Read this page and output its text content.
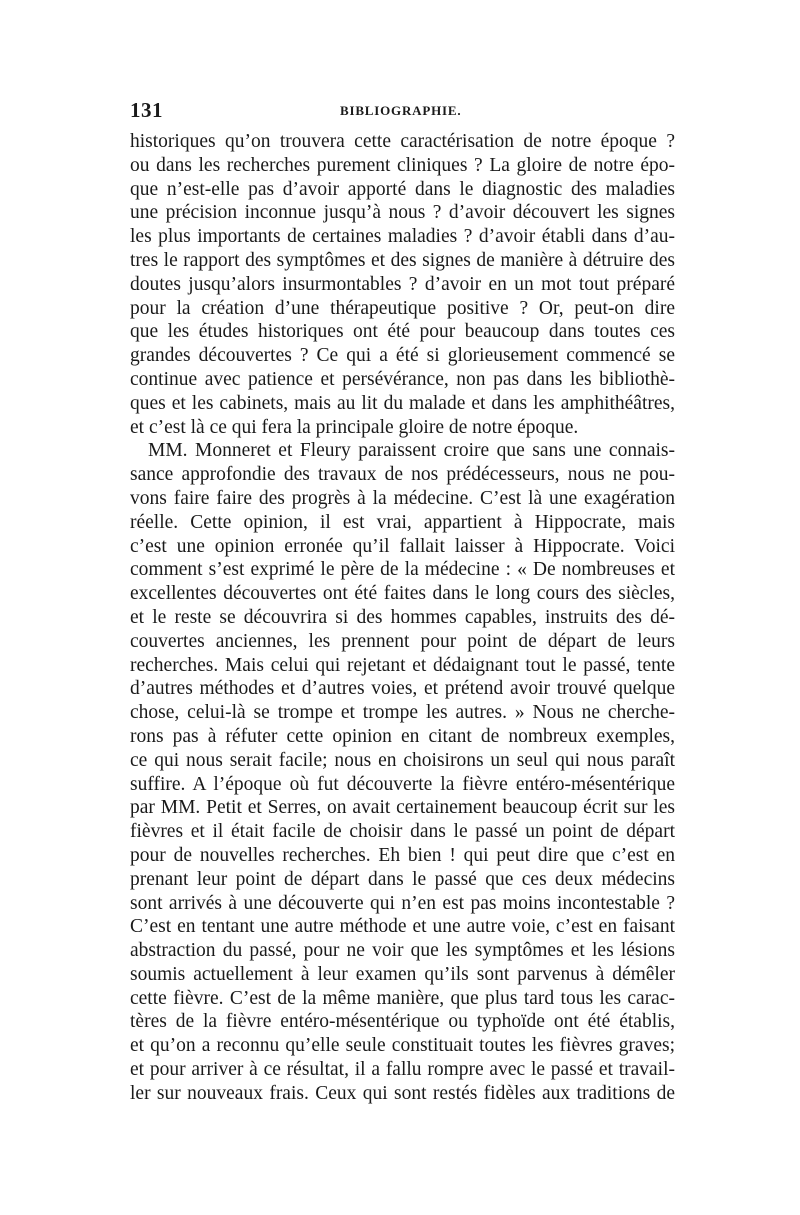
131	BIBLIOGRAPHIE.
historiques qu’on trouvera cette caractérisation de notre époque ?
ou dans les recherches purement cliniques ? La gloire de notre épo-
que n’est-elle pas d’avoir apporté dans le diagnostic des maladies
une précision inconnue jusqu’à nous ? d’avoir découvert les signes
les plus importants de certaines maladies ? d’avoir établi dans d’au-
tres le rapport des symptômes et des signes de manière à détruire des
doutes jusqu’alors insurmontables ? d’avoir en un mot tout préparé
pour la création d’une thérapeutique positive ? Or, peut-on dire
que les études historiques ont été pour beaucoup dans toutes ces
grandes découvertes ? Ce qui a été si glorieusement commencé se
continue avec patience et persévérance, non pas dans les bibliothè-
ques et les cabinets, mais au lit du malade et dans les amphithéâtres,
et c’est là ce qui fera la principale gloire de notre époque.
MM. Monneret et Fleury paraissent croire que sans une connais-
sance approfondie des travaux de nos prédécesseurs, nous ne pou-
vons faire faire des progrès à la médecine. C’est là une exagération
réelle. Cette opinion, il est vrai, appartient à Hippocrate, mais
c’est une opinion erronée qu’il fallait laisser à Hippocrate. Voici
comment s’est exprimé le père de la médecine : « De nombreuses et
excellentes découvertes ont été faites dans le long cours des siècles,
et le reste se découvrira si des hommes capables, instruits des dé-
couvertes anciennes, les prennent pour point de départ de leurs
recherches. Mais celui qui rejetant et dédaignant tout le passé, tente
d’autres méthodes et d’autres voies, et prétend avoir trouvé quelque
chose, celui-là se trompe et trompe les autres. » Nous ne cherche-
rons pas à réfuter cette opinion en citant de nombreux exemples,
ce qui nous serait facile; nous en choisirons un seul qui nous paraît
suffire. A l’époque où fut découverte la fièvre entéro-mésentérique
par MM. Petit et Serres, on avait certainement beaucoup écrit sur les
fièvres et il était facile de choisir dans le passé un point de départ
pour de nouvelles recherches. Eh bien ! qui peut dire que c’est en
prenant leur point de départ dans le passé que ces deux médecins
sont arrivés à une découverte qui n’en est pas moins incontestable ?
C’est en tentant une autre méthode et une autre voie, c’est en faisant
abstraction du passé, pour ne voir que les symptômes et les lésions
soumis actuellement à leur examen qu’ils sont parvenus à démêler
cette fièvre. C’est de la même manière, que plus tard tous les carac-
tères de la fièvre entéro-mésentérique ou typhoïde ont été établis,
et qu’on a reconnu qu’elle seule constituait toutes les fièvres graves;
et pour arriver à ce résultat, il a fallu rompre avec le passé et travail-
ler sur nouveaux frais. Ceux qui sont restés fidèles aux traditions de
